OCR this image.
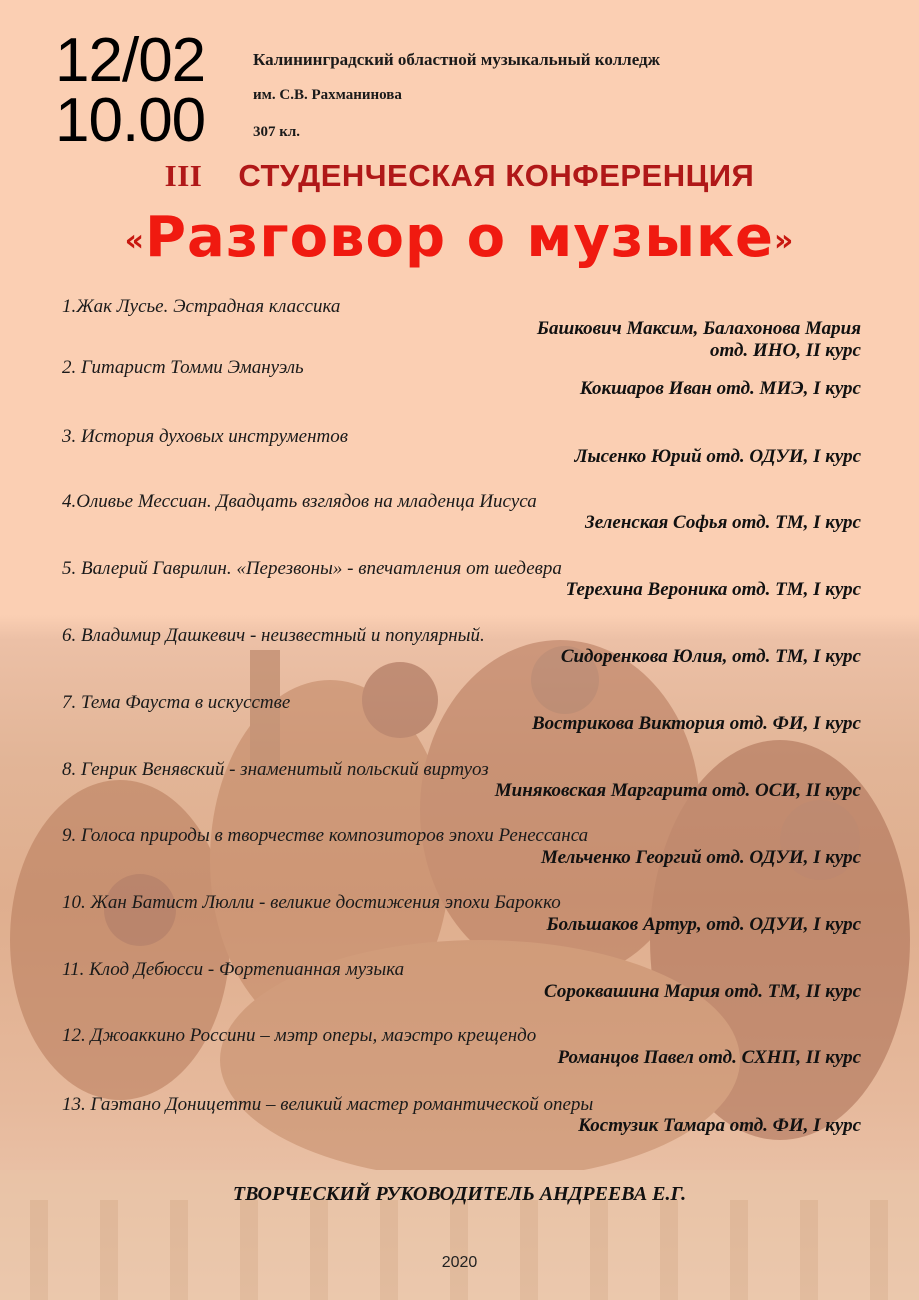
12/02
10.00
Калининградский областной музыкальный колледж
им. С.В. Рахманинова
307 кл.
III СТУДЕНЧЕСКАЯ КОНФЕРЕНЦИЯ
«Разговор о музыке»
1.Жак Лусье. Эстрадная классика
Башкович Максим, Балахонова Мария
отд. ИНО, II курс
2. Гитарист Томми Эмануэль
Кокшаров Иван отд. МИЭ, I курс
3. История духовых инструментов
Лысенко Юрий отд. ОДУИ, I курс
4.Оливье Мессиан. Двадцать взглядов на младенца Иисуса
Зеленская Софья отд. ТМ, I курс
5. Валерий Гаврилин. «Перезвоны» - впечатления от шедевра
Терехина Вероника отд. ТМ, I курс
6. Владимир Дашкевич - неизвестный и популярный.
Сидоренкова Юлия, отд. ТМ, I курс
7. Тема Фауста в искусстве
Вострикова Виктория отд. ФИ, I курс
8. Генрик Венявский - знаменитый польский виртуоз
Миняковская Маргарита отд. ОСИ, II курс
9. Голоса природы в творчестве композиторов эпохи Ренессанса
Мельченко Георгий отд. ОДУИ, I курс
10. Жан Батист Люлли - великие достижения эпохи Барокко
Большаков Артур, отд. ОДУИ, I курс
11. Клод Дебюсси - Фортепианная музыка
Сороквашина Мария отд. ТМ, II курс
12. Джоаккино Россини – мэтр оперы, маэстро крещендо
Романцов Павел отд. СХНП, II курс
13. Гаэтано Доницетти – великий мастер романтической оперы
Костузик Тамара отд. ФИ, I курс
ТВОРЧЕСКИЙ РУКОВОДИТЕЛЬ АНДРЕЕВА Е.Г.
2020
